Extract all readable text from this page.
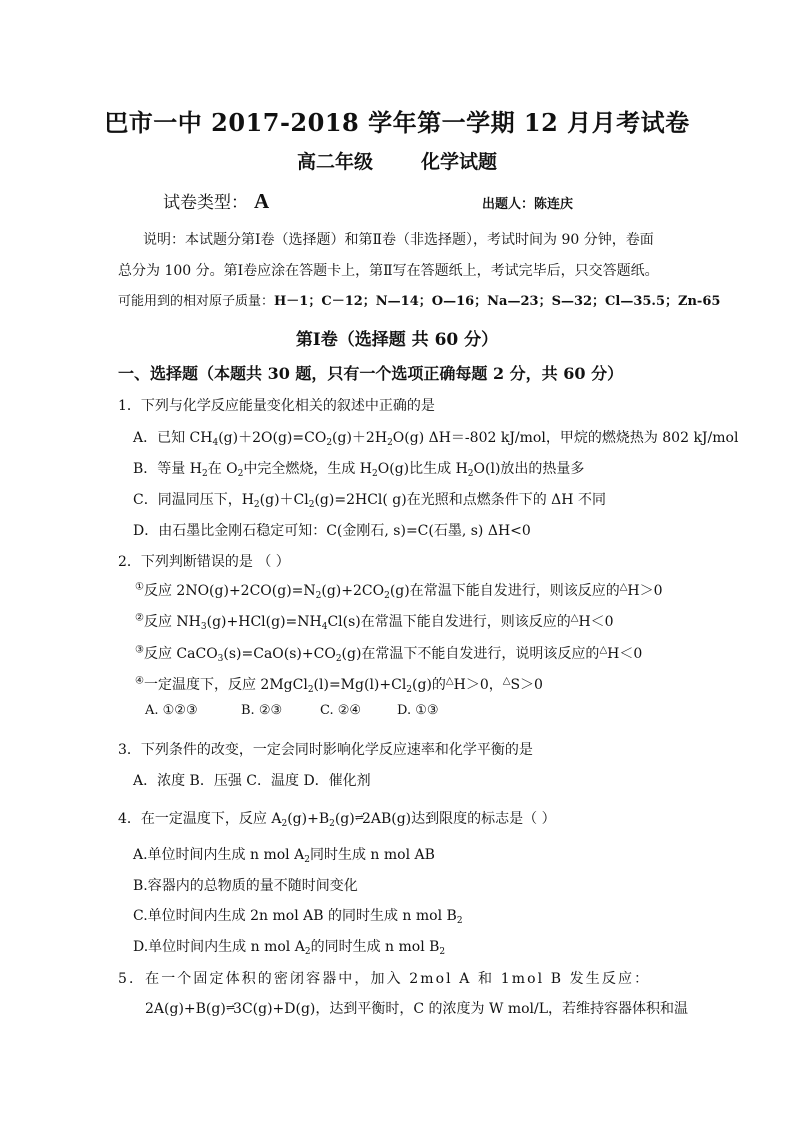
巴市一中 2017-2018 学年第一学期 12 月月考试卷
高二年级	化学试题
试卷类型： A	出题人：陈连庆
说明：本试题分第Ⅰ卷（选择题）和第Ⅱ卷（非选择题），考试时间为 90 分钟，卷面
总分为 100 分。第Ⅰ卷应涂在答题卡上，第Ⅱ写在答题纸上，考试完毕后，只交答题纸。
可能用到的相对原子质量：H－1；C－12；N—14；O—16；Na—23；S—32；Cl—35.5；Zn-65
第Ⅰ卷（选择题 共 60 分）
一、选择题（本题共 30 题，只有一个选项正确每题 2 分，共 60 分）
1．下列与化学反应能量变化相关的叙述中正确的是
A．已知 $CH_4(g)+2O(g)=CO_2(g)+2H_2O(g)$ ΔH＝-802 kJ/mol，甲烷的燃烧热为 802 kJ/mol
B．等量 $H_2$在 $O_2$中完全燃烧，生成 $H_2O(g)$比生成 $H_2O(l)$放出的热量多
C．同温同压下，$H_2(g)+Cl_2(g)=2HCl$( g)在光照和点燃条件下的 ΔH 不同
D．由石墨比金刚石稳定可知：C(金刚石, s)=C(石墨, s) ΔH<0
2．下列判断错误的是 （ ）
①反应 $2NO(g)+2CO(g)=N_2(g)+2CO_2(g)$在常温下能自发进行，则该反应的△H＞0
②反应 $NH_3(g)+HCl(g)=NH_4Cl(s)$在常温下能自发进行，则该反应的△H＜0
③反应 $CaCO_3(s)=CaO(s)+CO_2(g)$在常温下不能自发进行，说明该反应的△H＜0
④一定温度下，反应 $2MgCl_2(l)=Mg(l)+Cl_2(g)$的△H＞0，△S＞0
A. ①②③	B. ②③	C. ②④	D. ①③
3．下列条件的改变，一定会同时影响化学反应速率和化学平衡的是
A．浓度 B．压强 C．温度 D．催化剂
4．在一定温度下，反应 $A_2(g)+B_2(g)\rightleftharpoons 2AB(g)$达到限度的标志是（ ）
A.单位时间内生成 n mol $A_2$同时生成 n mol AB
B.容器内的总物质的量不随时间变化
C.单位时间内生成 2n mol AB 的同时生成 n mol $B_2$
D.单位时间内生成 n mol $A_2$的同时生成 n mol $B_2$
5．在一个固定体积的密闭容器中，加入 2mol A 和 1mol B 发生反应：
2A(g)+B(g)⇌3C(g)+D(g)，达到平衡时，C 的浓度为 W mol/L，若维持容器体积和温
